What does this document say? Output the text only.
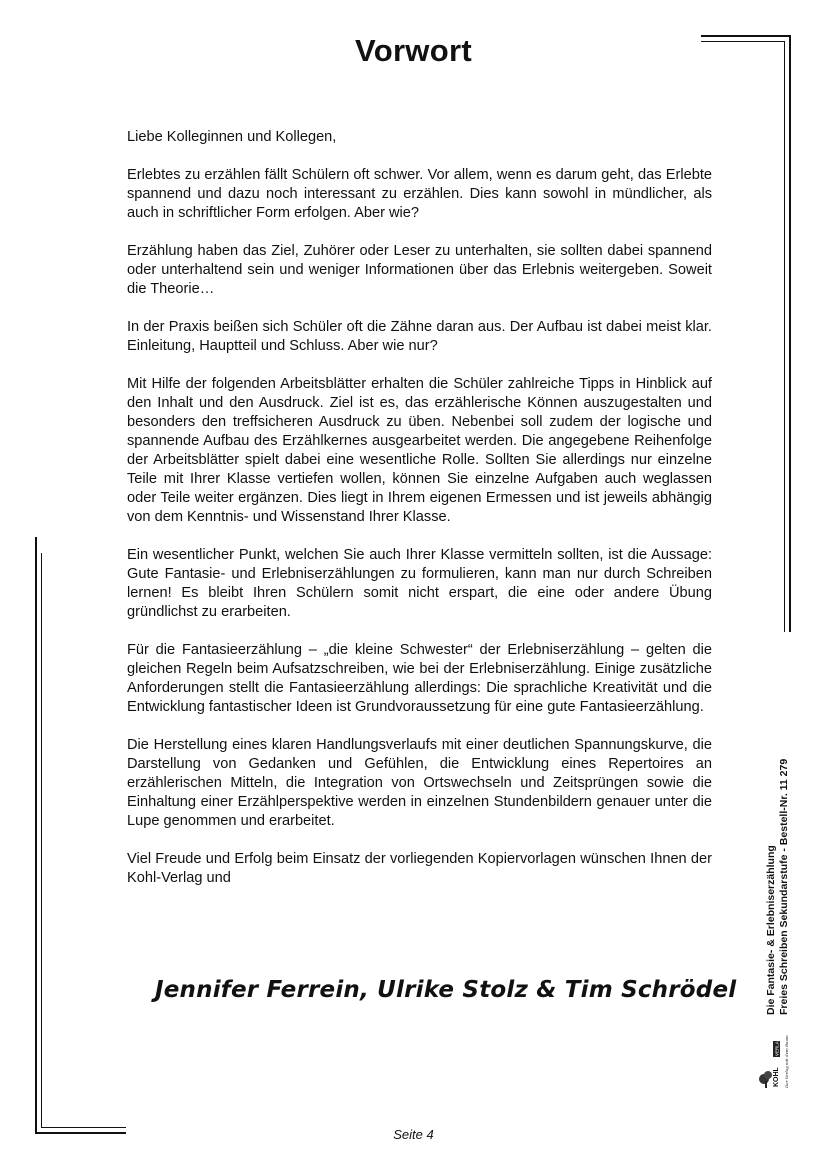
Vorwort

Liebe Kolleginnen und Kollegen,

Erlebtes zu erzählen fällt Schülern oft schwer. Vor allem, wenn es darum geht, das Erlebte spannend und dazu noch interessant zu erzählen. Dies kann sowohl in mündlicher, als auch in schriftlicher Form erfolgen. Aber wie?

Erzählung haben das Ziel, Zuhörer oder Leser zu unterhalten, sie sollten dabei spannend oder unterhaltend sein und weniger Informationen über das Erlebnis weitergeben. Soweit die Theorie…

In der Praxis beißen sich Schüler oft die Zähne daran aus. Der Aufbau ist dabei meist klar. Einleitung, Hauptteil und Schluss. Aber wie nur?

Mit Hilfe der folgenden Arbeitsblätter erhalten die Schüler zahlreiche Tipps in Hinblick auf den Inhalt und den Ausdruck. Ziel ist es, das erzählerische Können auszugestalten und besonders den treffsicheren Ausdruck zu üben. Nebenbei soll zudem der logische und spannende Aufbau des Erzählkernes ausgearbeitet werden. Die angegebene Reihenfolge der Arbeitsblätter spielt dabei eine wesentliche Rolle. Sollten Sie allerdings nur einzelne Teile mit Ihrer Klasse vertiefen wollen, können Sie einzelne Aufgaben auch weglassen oder Teile weiter ergänzen. Dies liegt in Ihrem eigenen Ermessen und ist jeweils abhängig von dem Kenntnis- und Wissenstand Ihrer Klasse.

Ein wesentlicher Punkt, welchen Sie auch Ihrer Klasse vermitteln sollten, ist die Aussage: Gute Fantasie- und Erlebniserzählungen zu formulieren, kann man nur durch Schreiben lernen! Es bleibt Ihren Schülern somit nicht erspart, die eine oder andere Übung gründlichst zu erarbeiten.

Für die Fantasieerzählung – „die kleine Schwester“ der Erlebniserzählung – gelten die gleichen Regeln beim Aufsatzschreiben, wie bei der Erlebniserzählung. Einige zusätzliche Anforderungen stellt die Fantasieerzählung allerdings: Die sprachliche Kreativität und die Entwicklung fantastischer Ideen ist Grundvoraussetzung für eine gute Fantasieerzählung.

Die Herstellung eines klaren Handlungsverlaufs mit einer deutlichen Spannungskurve, die Darstellung von Gedanken und Gefühlen, die Entwicklung eines Repertoires an erzählerischen Mitteln, die Integration von Ortswechseln und Zeitsprüngen sowie die Einhaltung einer Erzählperspektive werden in einzelnen Stundenbildern genauer unter die Lupe genommen und erarbeitet.

Viel Freude und Erfolg beim Einsatz der vorliegenden Kopiervorlagen wünschen Ihnen der Kohl-Verlag und

Jennifer Ferrein, Ulrike Stolz & Tim Schrödel
Seite 4
Die Fantasie- & Erlebniserzählung Freies Schreiben Sekundarstufe - Bestell-Nr. 11 279
KOHL
VERLAG Der Verlag mit dem Baum
